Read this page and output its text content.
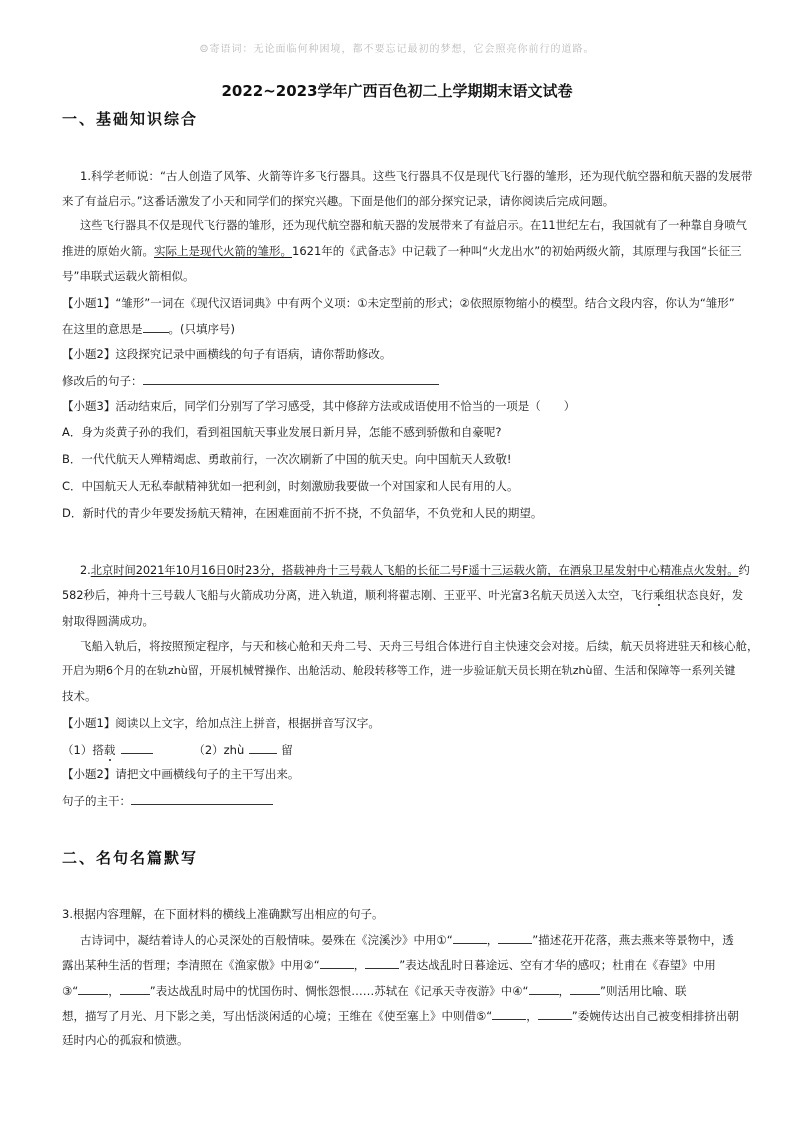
☺寄语词：无论面临何种困境，都不要忘记最初的梦想，它会照亮你前行的道路。
2022~2023学年广西百色初二上学期期末语文试卷
一、基础知识综合
1.科学老师说：“古人创造了风筝、火箭等许多飞行器具。这些飞行器具不仅是现代飞行器的雏形，还为现代航空器和航天器的发展带
来了有益启示。”这番话激发了小天和同学们的探究兴趣。下面是他们的部分探究记录，请你阅读后完成问题。
这些飞行器具不仅是现代飞行器的雏形，还为现代航空器和航天器的发展带来了有益启示。在11世纪左右，我国就有了一种靠自身喷气
推进的原始火箭。实际上是现代火箭的雏形。1621年的《武备志》中记载了一种叫“火龙出水”的初始两级火箭，其原理与我国“长征三
号”串联式运载火箭相似。
【小题1】“雏形”一词在《现代汉语词典》中有两个义项：①未定型前的形式；②依照原物缩小的模型。结合文段内容，你认为“雏形”
在这里的意思是 。(只填序号)
【小题2】这段探究记录中画横线的句子有语病，请你帮助修改。
修改后的句子：
【小题3】活动结束后，同学们分别写了学习感受，其中修辞方法或成语使用不恰当的一项是（　　）
A．身为炎黄子孙的我们，看到祖国航天事业发展日新月异，怎能不感到骄傲和自豪呢?
B．一代代航天人殚精竭虑、勇敢前行，一次次刷新了中国的航天史。向中国航天人致敬!
C．中国航天人无私奉献精神犹如一把利剑，时刻激励我要做一个对国家和人民有用的人。
D．新时代的青少年要发扬航天精神，在困难面前不折不挠，不负韶华，不负党和人民的期望。
2.北京时间2021年10月16日0时23分，搭载神舟十三号载人飞船的长征二号F遥十三运载火箭，在酒泉卫星发射中心精准点火发射。约
582秒后，神舟十三号载人飞船与火箭成功分离，进入轨道，顺利将翟志刚、王亚平、叶光富3名航天员送入太空，飞行乘组状态良好，发
射取得圆满成功。
飞船入轨后，将按照预定程序，与天和核心舱和天舟二号、天舟三号组合体进行自主快速交会对接。后续，航天员将进驻天和核心舱，
开启为期6个月的在轨zhù留，开展机械臂操作、出舱活动、舱段转移等工作，进一步验证航天员长期在轨zhù留、生活和保障等一系列关键
技术。
【小题1】阅读以上文字，给加点注上拼音，根据拼音写汉字。
（1）搭载	（2）zhù	留
【小题2】请把文中画横线句子的主干写出来。
句子的主干：
二、名句名篇默写
3.根据内容理解，在下面材料的横线上准确默写出相应的句子。
古诗词中，凝结着诗人的心灵深处的百般情味。晏殊在《浣溪沙》中用①“	，	”描述花开花落，燕去燕来等景物中，透
露出某种生活的哲理；李清照在《渔家傲》中用②“	，	”表达战乱时日暮途远、空有才华的感叹；杜甫在《春望》中用
③“	，	”表达战乱时局中的忧国伤时、惆怅怨恨……苏轼在《记承天寺夜游》中④“	，	”则活用比喻、联
想，描写了月光、月下影之美，写出恬淡闲适的心境；王维在《使至塞上》中则借⑤“	，	”委婉传达出自己被变相排挤出朝
廷时内心的孤寂和愤懑。
